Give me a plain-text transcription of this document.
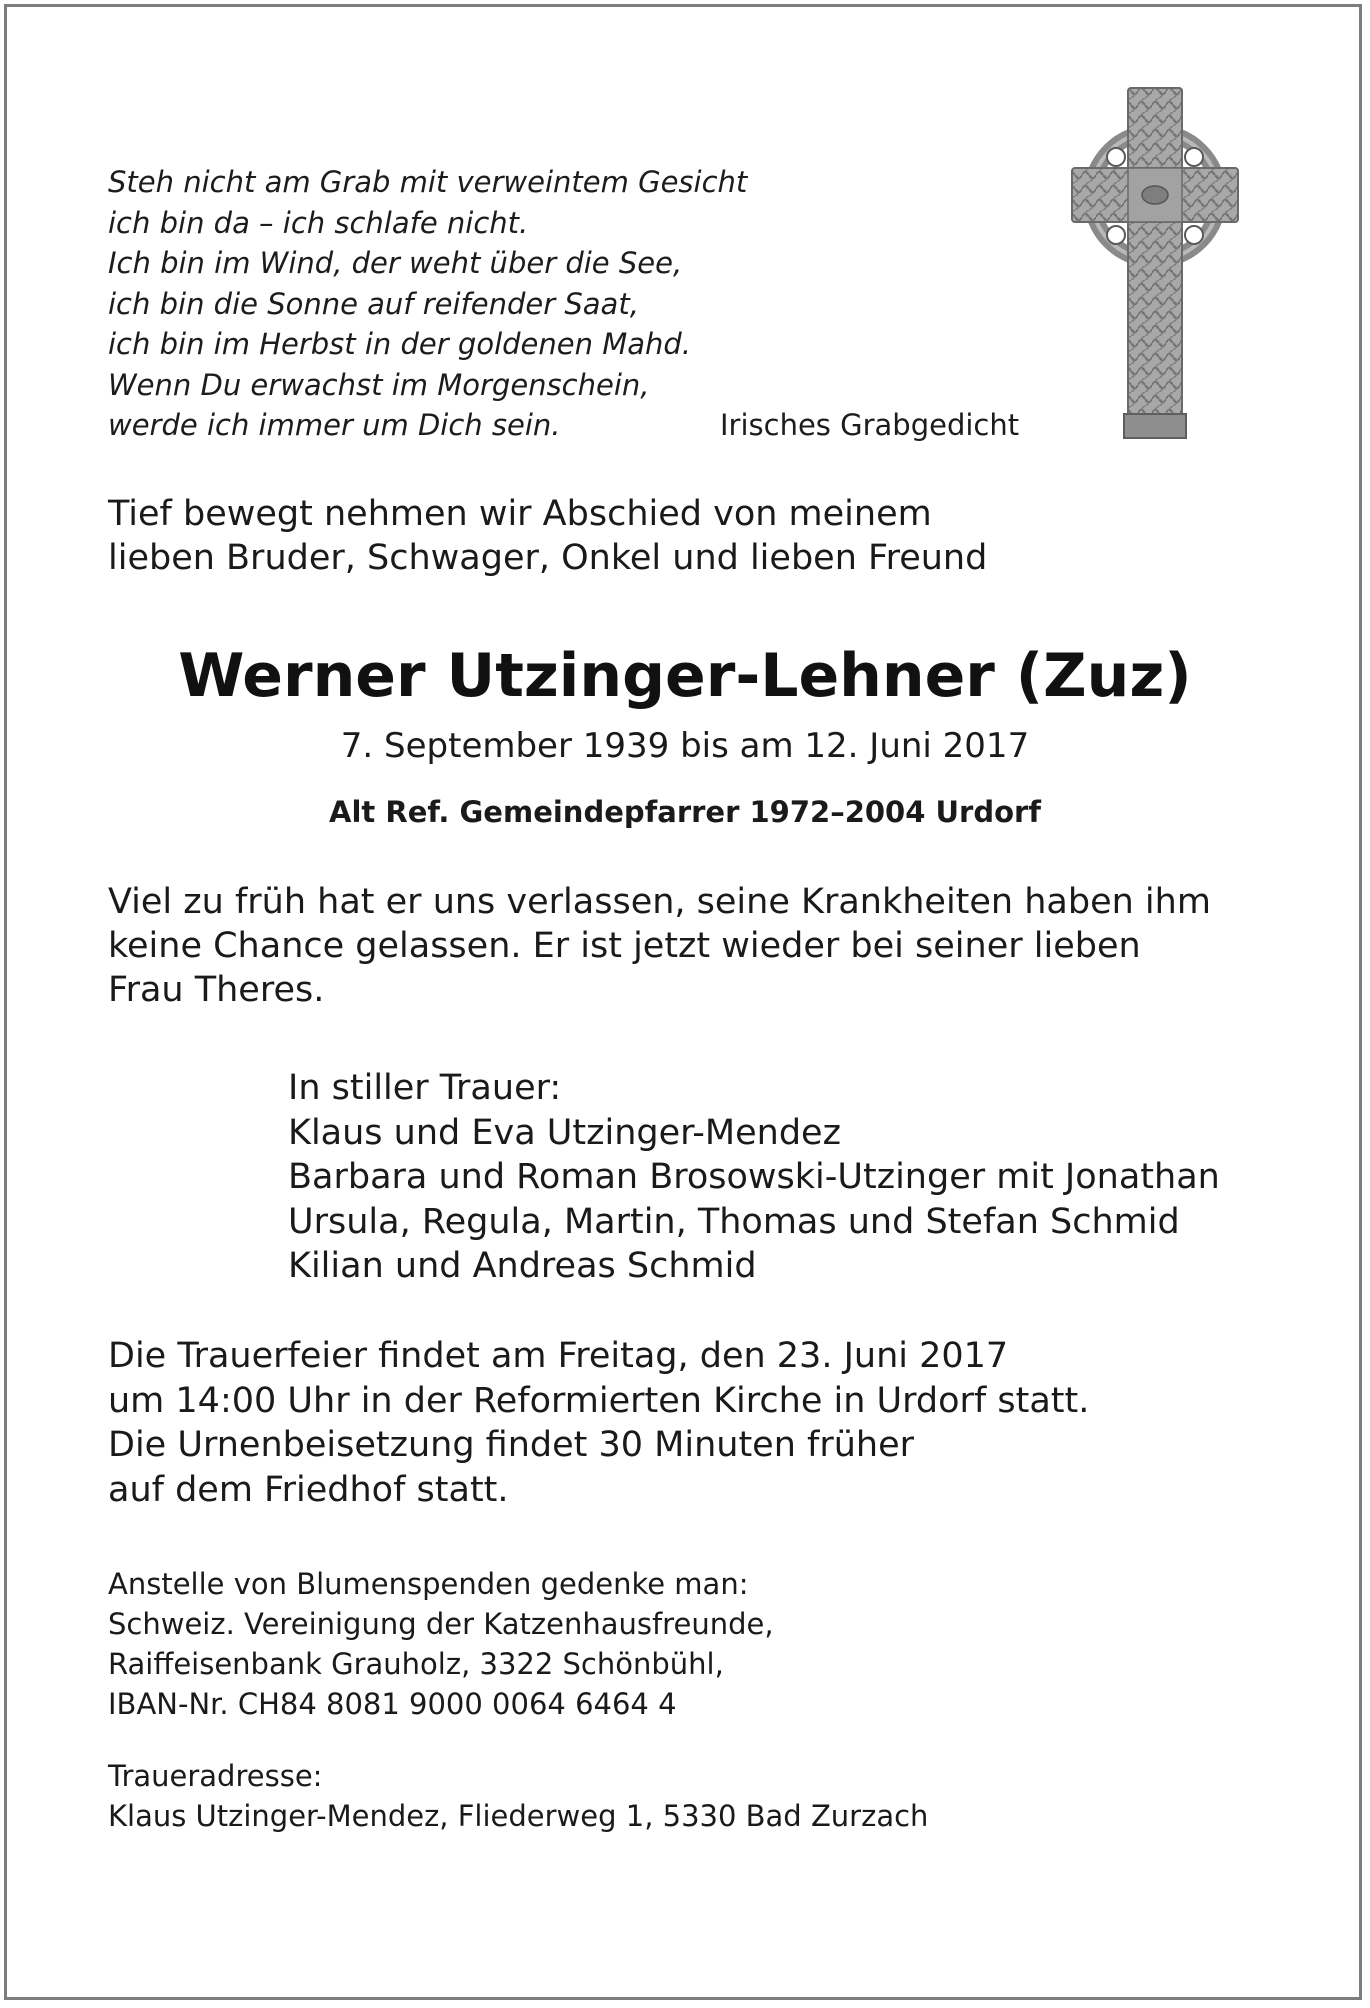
Steh nicht am Grab mit verweintem Gesicht
ich bin da – ich schlafe nicht.
Ich bin im Wind, der weht über die See,
ich bin die Sonne auf reifender Saat,
ich bin im Herbst in der goldenen Mahd.
Wenn Du erwachst im Morgenschein,
werde ich immer um Dich sein.	Irisches Grabgedicht
Tief bewegt nehmen wir Abschied von meinem
lieben Bruder, Schwager, Onkel und lieben Freund
Werner Utzinger-Lehner (Zuz)
7. September 1939 bis am 12. Juni 2017
Alt Ref. Gemeindepfarrer 1972–2004 Urdorf
Viel zu früh hat er uns verlassen, seine Krankheiten haben ihm
keine Chance gelassen. Er ist jetzt wieder bei seiner lieben
Frau Theres.
In stiller Trauer:
Klaus und Eva Utzinger-Mendez
Barbara und Roman Brosowski-Utzinger mit Jonathan
Ursula, Regula, Martin, Thomas und Stefan Schmid
Kilian und Andreas Schmid
Die Trauerfeier findet am Freitag, den 23. Juni 2017
um 14:00 Uhr in der Reformierten Kirche in Urdorf statt.
Die Urnenbeisetzung findet 30 Minuten früher
auf dem Friedhof statt.
Anstelle von Blumenspenden gedenke man:
Schweiz. Vereinigung der Katzenhausfreunde,
Raiffeisenbank Grauholz, 3322 Schönbühl,
IBAN-Nr. CH84 8081 9000 0064 6464 4
Traueradresse:
Klaus Utzinger-Mendez, Fliederweg 1, 5330 Bad Zurzach
